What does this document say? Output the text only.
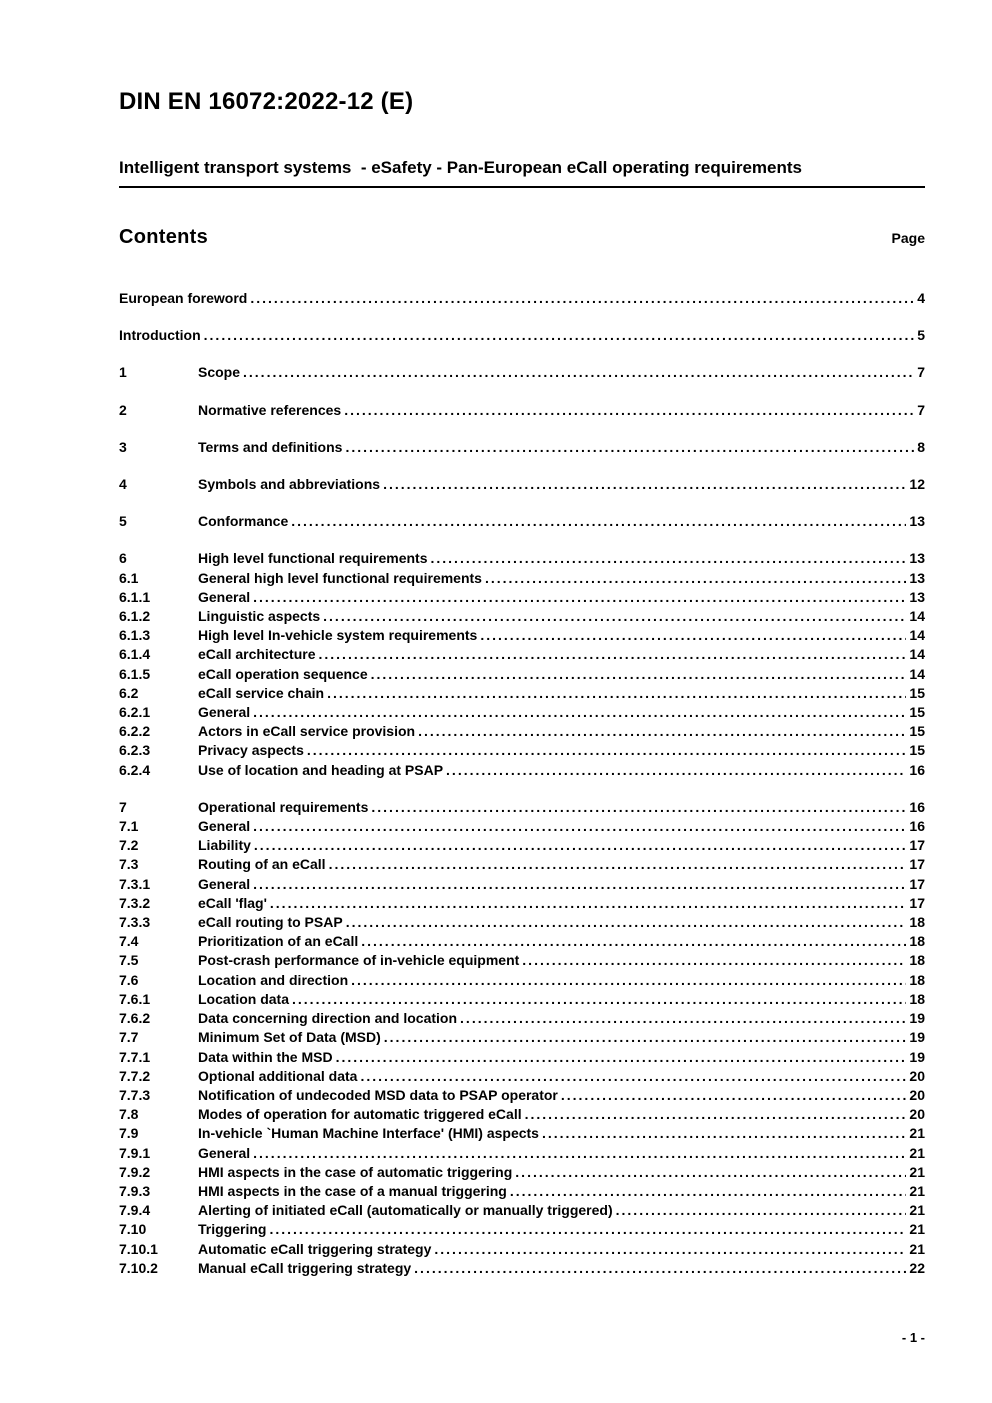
DIN EN 16072:2022-12 (E)
Intelligent transport systems  - eSafety - Pan-European eCall operating requirements
Contents	Page
European foreword .....	4
Introduction .....	5
1	Scope .....	7
2	Normative references .....	7
3	Terms and definitions .....	8
4	Symbols and abbreviations .....	12
5	Conformance .....	13
6	High level functional requirements .....	13
6.1	General high level functional requirements .....	13
6.1.1	General .....	13
6.1.2	Linguistic aspects .....	14
6.1.3	High level In-vehicle system requirements .....	14
6.1.4	eCall architecture .....	14
6.1.5	eCall operation sequence .....	14
6.2	eCall service chain .....	15
6.2.1	General .....	15
6.2.2	Actors in eCall service provision .....	15
6.2.3	Privacy aspects .....	15
6.2.4	Use of location and heading at PSAP .....	16
7	Operational requirements .....	16
7.1	General .....	16
7.2	Liability .....	17
7.3	Routing of an eCall .....	17
7.3.1	General .....	17
7.3.2	eCall 'flag' .....	17
7.3.3	eCall routing to PSAP .....	18
7.4	Prioritization of an eCall .....	18
7.5	Post-crash performance of in-vehicle equipment .....	18
7.6	Location and direction .....	18
7.6.1	Location data .....	18
7.6.2	Data concerning direction and location .....	19
7.7	Minimum Set of Data (MSD) .....	19
7.7.1	Data within the MSD .....	19
7.7.2	Optional additional data .....	20
7.7.3	Notification of undecoded MSD data to PSAP operator .....	20
7.8	Modes of operation for automatic triggered eCall .....	20
7.9	In-vehicle `Human Machine Interface' (HMI) aspects .....	21
7.9.1	General .....	21
7.9.2	HMI aspects in the case of automatic triggering .....	21
7.9.3	HMI aspects in the case of a manual triggering .....	21
7.9.4	Alerting of initiated eCall (automatically or manually triggered) .....	21
7.10	Triggering .....	21
7.10.1	Automatic eCall triggering strategy .....	21
7.10.2	Manual eCall triggering strategy .....	22
- 1 -
